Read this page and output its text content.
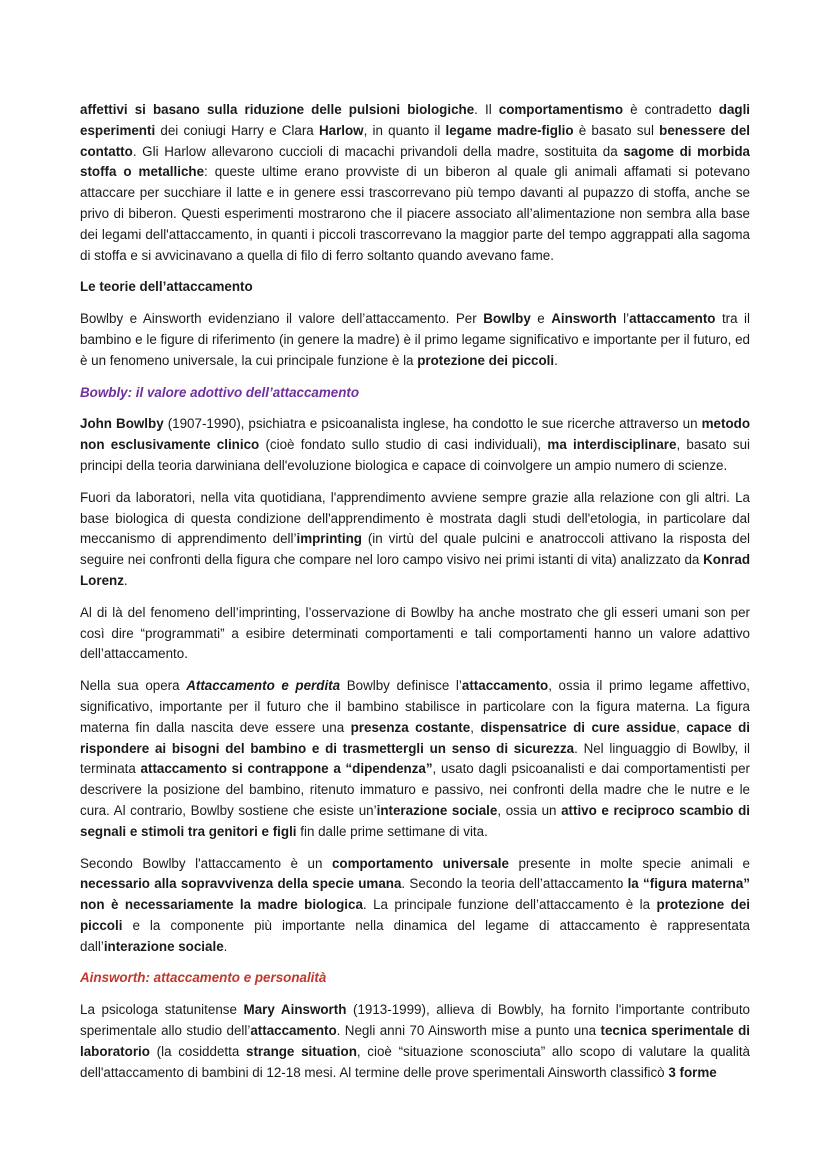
affettivi si basano sulla riduzione delle pulsioni biologiche. Il comportamentismo è contradetto dagli esperimenti dei coniugi Harry e Clara Harlow, in quanto il legame madre-figlio è basato sul benessere del contatto. Gli Harlow allevarono cuccioli di macachi privandoli della madre, sostituita da sagome di morbida stoffa o metalliche: queste ultime erano provviste di un biberon al quale gli animali affamati si potevano attaccare per succhiare il latte e in genere essi trascorrevano più tempo davanti al pupazzo di stoffa, anche se privo di biberon. Questi esperimenti mostrarono che il piacere associato all’alimentazione non sembra alla base dei legami dell'attaccamento, in quanti i piccoli trascorrevano la maggior parte del tempo aggrappati alla sagoma di stoffa e si avvicinavano a quella di filo di ferro soltanto quando avevano fame.

Le teorie dell’attaccamento

Bowlby e Ainsworth evidenziano il valore dell’attaccamento. Per Bowlby e Ainsworth l’attaccamento tra il bambino e le figure di riferimento (in genere la madre) è il primo legame significativo e importante per il futuro, ed è un fenomeno universale, la cui principale funzione è la protezione dei piccoli.

Bowbly: il valore adottivo dell’attaccamento

John Bowlby (1907-1990), psichiatra e psicoanalista inglese, ha condotto le sue ricerche attraverso un metodo non esclusivamente clinico (cioè fondato sullo studio di casi individuali), ma interdisciplinare, basato sui principi della teoria darwiniana dell'evoluzione biologica e capace di coinvolgere un ampio numero di scienze.

Fuori da laboratori, nella vita quotidiana, l'apprendimento avviene sempre grazie alla relazione con gli altri. La base biologica di questa condizione dell'apprendimento è mostrata dagli studi dell'etologia, in particolare dal meccanismo di apprendimento dell’imprinting (in virtù del quale pulcini e anatroccoli attivano la risposta del seguire nei confronti della figura che compare nel loro campo visivo nei primi istanti di vita) analizzato da Konrad Lorenz.

Al di là del fenomeno dell’imprinting, l’osservazione di Bowlby ha anche mostrato che gli esseri umani son per così dire “programmati” a esibire determinati comportamenti e tali comportamenti hanno un valore adattivo dell’attaccamento.

Nella sua opera Attaccamento e perdita Bowlby definisce l’attaccamento, ossia il primo legame affettivo, significativo, importante per il futuro che il bambino stabilisce in particolare con la figura materna. La figura materna fin dalla nascita deve essere una presenza costante, dispensatrice di cure assidue, capace di rispondere ai bisogni del bambino e di trasmettergli un senso di sicurezza. Nel linguaggio di Bowlby, il terminata attaccamento si contrappone a “dipendenza”, usato dagli psicoanalisti e dai comportamentisti per descrivere la posizione del bambino, ritenuto immaturo e passivo, nei confronti della madre che le nutre e le cura. Al contrario, Bowlby sostiene che esiste un’interazione sociale, ossia un attivo e reciproco scambio di segnali e stimoli tra genitori e figli fin dalle prime settimane di vita.

Secondo Bowlby l'attaccamento è un comportamento universale presente in molte specie animali e necessario alla sopravvivenza della specie umana. Secondo la teoria dell’attaccamento la “figura materna” non è necessariamente la madre biologica. La principale funzione dell’attaccamento è la protezione dei piccoli e la componente più importante nella dinamica del legame di attaccamento è rappresentata dall’interazione sociale.

Ainsworth: attaccamento e personalità

La psicologa statunitense Mary Ainsworth (1913-1999), allieva di Bowbly, ha fornito l'importante contributo sperimentale allo studio dell’attaccamento. Negli anni 70 Ainsworth mise a punto una tecnica sperimentale di laboratorio (la cosiddetta strange situation, cioè “situazione sconosciuta” allo scopo di valutare la qualità dell'attaccamento di bambini di 12-18 mesi. Al termine delle prove sperimentali Ainsworth classificò 3 forme
